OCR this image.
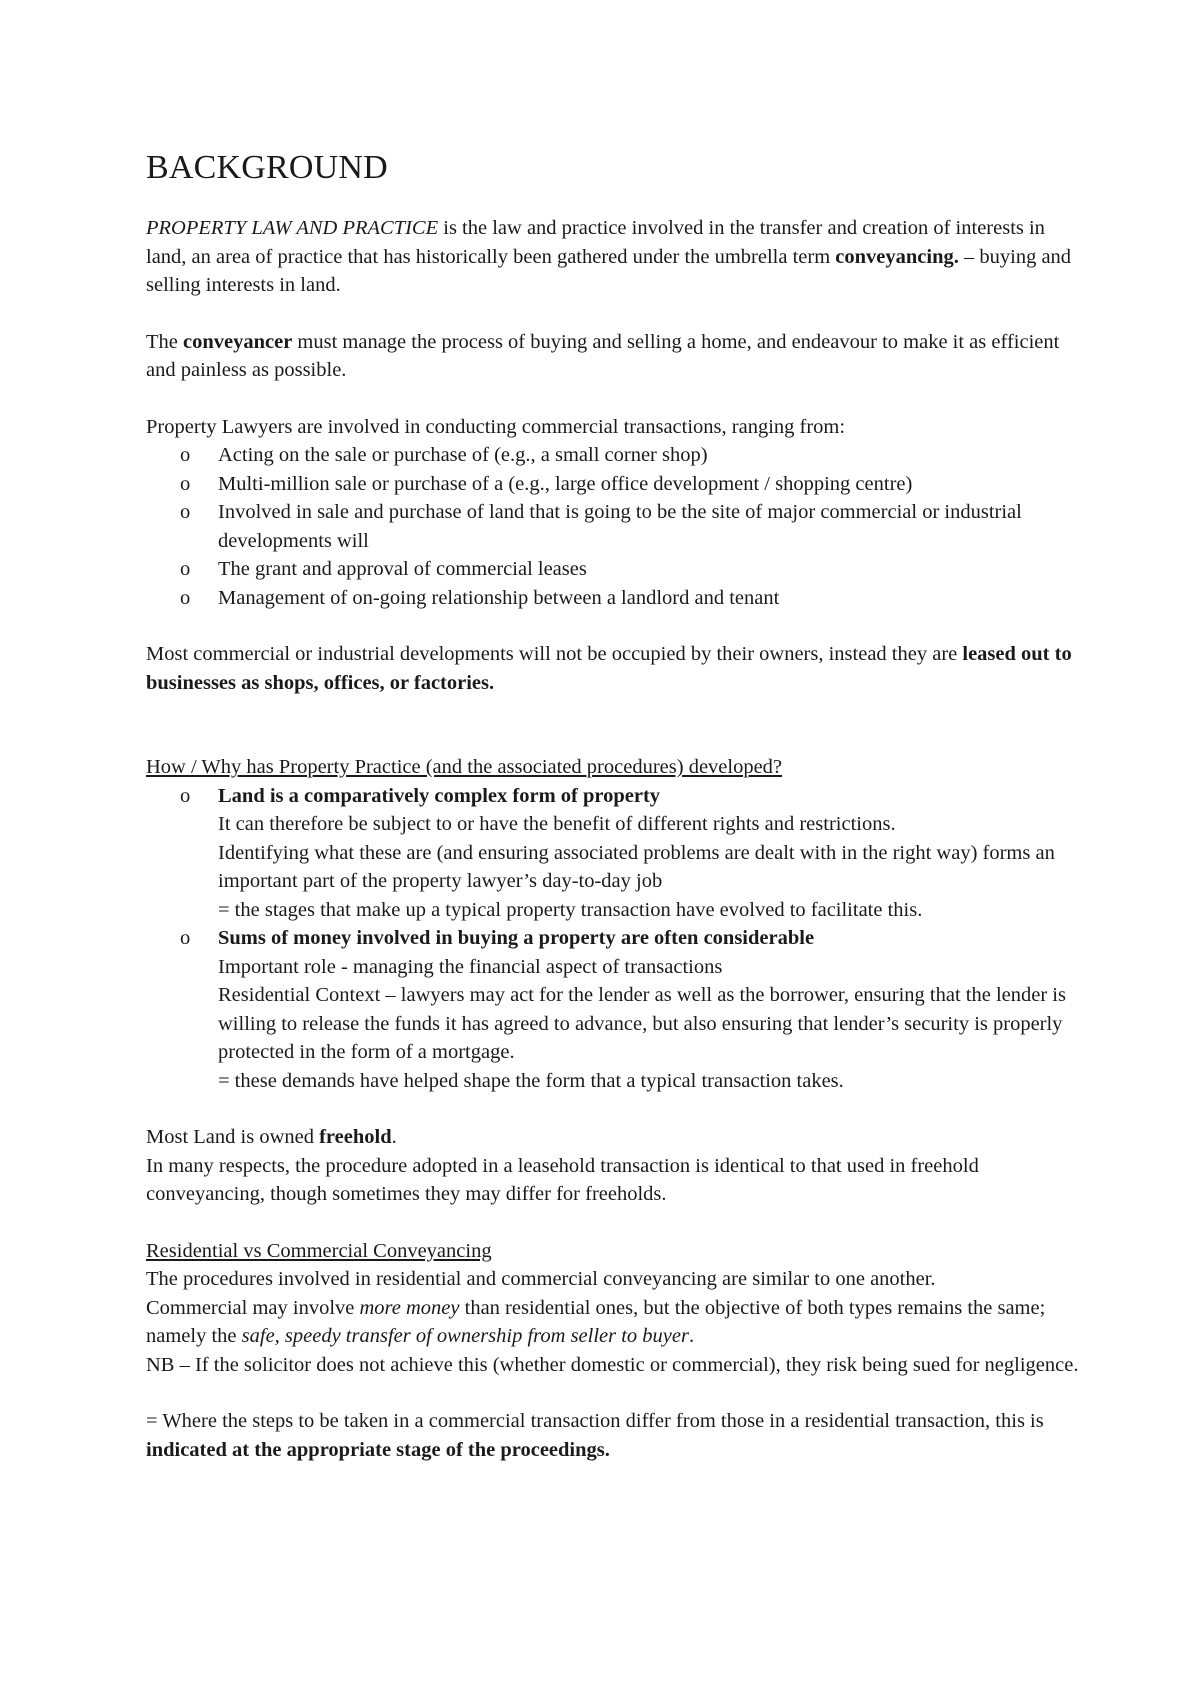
BACKGROUND

PROPERTY LAW AND PRACTICE is the law and practice involved in the transfer and creation of interests in land, an area of practice that has historically been gathered under the umbrella term conveyancing. – buying and selling interests in land.

The conveyancer must manage the process of buying and selling a home, and endeavour to make it as efficient and painless as possible.

Property Lawyers are involved in conducting commercial transactions, ranging from:

o Acting on the sale or purchase of (e.g., a small corner shop)
o Multi-million sale or purchase of a (e.g., large office development / shopping centre)
o Involved in sale and purchase of land that is going to be the site of major commercial or industrial developments will
o The grant and approval of commercial leases
o Management of on-going relationship between a landlord and tenant

Most commercial or industrial developments will not be occupied by their owners, instead they are leased out to businesses as shops, offices, or factories.

How / Why has Property Practice (and the associated procedures) developed?

o Land is a comparatively complex form of property
It can therefore be subject to or have the benefit of different rights and restrictions.
Identifying what these are (and ensuring associated problems are dealt with in the right way) forms an important part of the property lawyer’s day-to-day job
= the stages that make up a typical property transaction have evolved to facilitate this.
o Sums of money involved in buying a property are often considerable
Important role - managing the financial aspect of transactions
Residential Context – lawyers may act for the lender as well as the borrower, ensuring that the lender is willing to release the funds it has agreed to advance, but also ensuring that lender’s security is properly protected in the form of a mortgage.
= these demands have helped shape the form that a typical transaction takes.

Most Land is owned freehold.

In many respects, the procedure adopted in a leasehold transaction is identical to that used in freehold conveyancing, though sometimes they may differ for freeholds.

Residential vs Commercial Conveyancing

The procedures involved in residential and commercial conveyancing are similar to one another.

Commercial may involve more money than residential ones, but the objective of both types remains the same; namely the safe, speedy transfer of ownership from seller to buyer.

NB – If the solicitor does not achieve this (whether domestic or commercial), they risk being sued for negligence.

= Where the steps to be taken in a commercial transaction differ from those in a residential transaction, this is indicated at the appropriate stage of the proceedings.
